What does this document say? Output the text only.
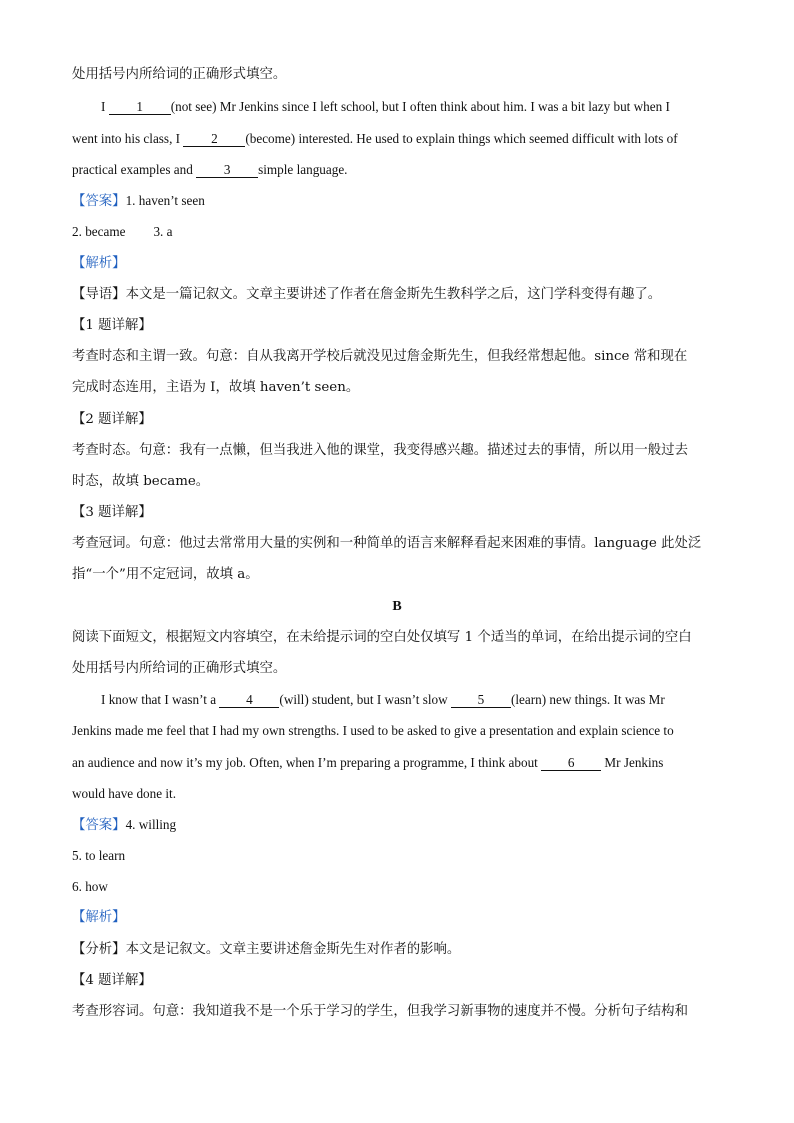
处用括号内所给词的正确形式填空。
I 1 (not see) Mr Jenkins since I left school, but I often think about him. I was a bit lazy but when I
went into his class, I 2 (become) interested. He used to explain things which seemed difficult with lots of
practical examples and 3 simple language.
【答案】1. haven’t seen
2. became 3. a
【解析】
【导语】本文是一篇记叙文。文章主要讲述了作者在詹金斯先生教科学之后，这门学科变得有趣了。
【1 题详解】
考查时态和主谓一致。句意：自从我离开学校后就没见过詹金斯先生，但我经常想起他。since 常和现在
完成时态连用，主语为 I，故填 haven’t seen。
【2 题详解】
考查时态。句意：我有一点懒，但当我进入他的课堂，我变得感兴趣。描述过去的事情，所以用一般过去
时态，故填 became。
【3 题详解】
考查冠词。句意：他过去常常用大量的实例和一种简单的语言来解释看起来困难的事情。language 此处泛
指“一个”用不定冠词，故填 a。
B
阅读下面短文，根据短文内容填空，在未给提示词的空白处仅填写 1 个适当的单词，在给出提示词的空白
处用括号内所给词的正确形式填空。
I know that I wasn’t a 4 (will) student, but I wasn’t slow 5 (learn) new things. It was Mr
Jenkins made me feel that I had my own strengths. I used to be asked to give a presentation and explain science to
an audience and now it’s my job. Often, when I’m preparing a programme, I think about 6 Mr Jenkins
would have done it.
【答案】4. willing
5. to learn
6. how
【解析】
【分析】本文是记叙文。文章主要讲述詹金斯先生对作者的影响。
【4 题详解】
考查形容词。句意：我知道我不是一个乐于学习的学生，但我学习新事物的速度并不慢。分析句子结构和
